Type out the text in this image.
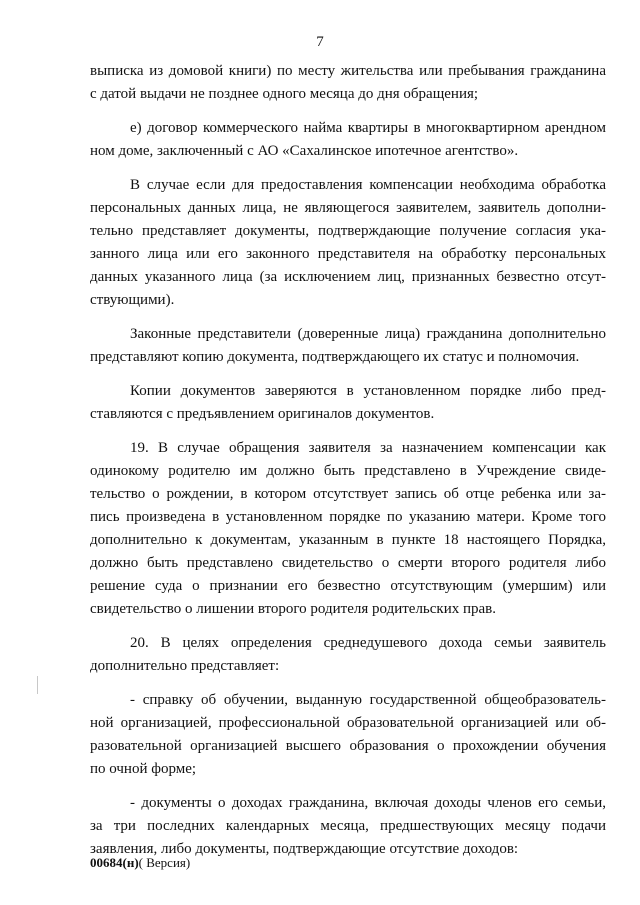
7

выписка из домовой книги) по месту жительства или пребывания гражданина
с датой выдачи не позднее одного месяца до дня обращения;

е) договор коммерческого найма квартиры в многоквартирном арендном
ном доме, заключенный с АО «Сахалинское ипотечное агентство».

В случае если для предоставления компенсации необходима обработка
персональных данных лица, не являющегося заявителем, заявитель дополни-
тельно представляет документы, подтверждающие получение согласия ука-
занного лица или его законного представителя на обработку персональных
данных указанного лица (за исключением лиц, признанных безвестно отсут-
ствующими).

Законные представители (доверенные лица) гражданина дополнительно
представляют копию документа, подтверждающего их статус и полномочия.

Копии документов заверяются в установленном порядке либо пред-
ставляются с предъявлением оригиналов документов.

19. В случае обращения заявителя за назначением компенсации как
одинокому родителю им должно быть представлено в Учреждение свиде-
тельство о рождении, в котором отсутствует запись об отце ребенка или за-
пись произведена в установленном порядке по указанию матери. Кроме того
дополнительно к документам, указанным в пункте 18 настоящего Порядка,
должно быть представлено свидетельство о смерти второго родителя либо
решение суда о признании его безвестно отсутствующим (умершим) или
свидетельство о лишении второго родителя родительских прав.

20. В целях определения среднедушевого дохода семьи заявитель
дополнительно представляет:

- справку об обучении, выданную государственной общеобразователь-
ной организацией, профессиональной образовательной организацией или об-
разовательной организацией высшего образования о прохождении обучения
по очной форме;

- документы о доходах гражданина, включая доходы членов его семьи,
за три последних календарных месяца, предшествующих месяцу подачи
заявления, либо документы, подтверждающие отсутствие доходов:

00684(н)( Версия)
